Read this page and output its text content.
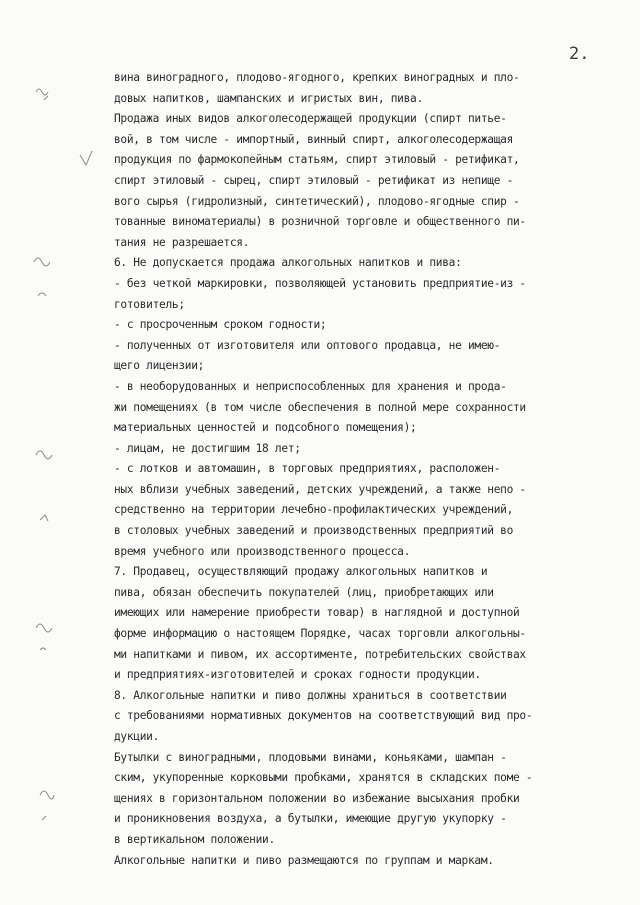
2.
вина виноградного, плодово-ягодного, крепких виноградных и пло-
довых напитков, шампанских и игристых вин, пива.
Продажа иных видов алкоголесодержащей продукции (спирт питье-
вой, в том числе - импортный, винный спирт, алкоголесодержащая
продукция по фармокопейным статьям, спирт этиловый - ретификат,
спирт этиловый - сырец, спирт этиловый - ретификат из непище -
вого сырья (гидролизный, синтетический), плодово-ягодные спир -
тованные виноматериалы) в розничной торговле и общественного пи-
тания не разрешается.
6. Не допускается продажа алкогольных напитков и пива:
- без четкой маркировки, позволяющей установить предприятие-из -
готовитель;
- с просроченным сроком годности;
- полученных от изготовителя или оптового продавца, не имею-
щего лицензии;
- в необорудованных и неприспособленных для хранения и прода-
жи помещениях (в том числе обеспечения в полной мере сохранности
материальных ценностей и подсобного помещения);
- лицам, не достигшим 18 лет;
- с лотков и автомашин, в торговых предприятиях, расположен-
ных вблизи учебных заведений, детских учреждений, а также непо -
средственно на территории лечебно-профилактических учреждений,
в столовых учебных заведений и производственных предприятий во
время учебного или производственного процесса.
7. Продавец, осуществляющий продажу алкогольных напитков и
пива, обязан обеспечить покупателей (лиц, приобретающих или
имеющих или намерение приобрести товар) в наглядной и доступной
форме информацию о настоящем Порядке, часах торговли алкогольны-
ми напитками и пивом, их ассортименте, потребительских свойствах
и предприятиях-изготовителей и сроках годности продукции.
8. Алкогольные напитки и пиво должны храниться в соответствии
с требованиями нормативных документов на соответствующий вид про-
дукции.
Бутылки с виноградными, плодовыми винами, коньяками, шампан -
ским, укупоренные корковыми пробками, хранятся в складских поме -
щениях в горизонтальном положении во избежание высыхания пробки
и проникновения воздуха, а бутылки, имеющие другую укупорку -
в вертикальном положении.
Алкогольные напитки и пиво размещаются по группам и маркам.
